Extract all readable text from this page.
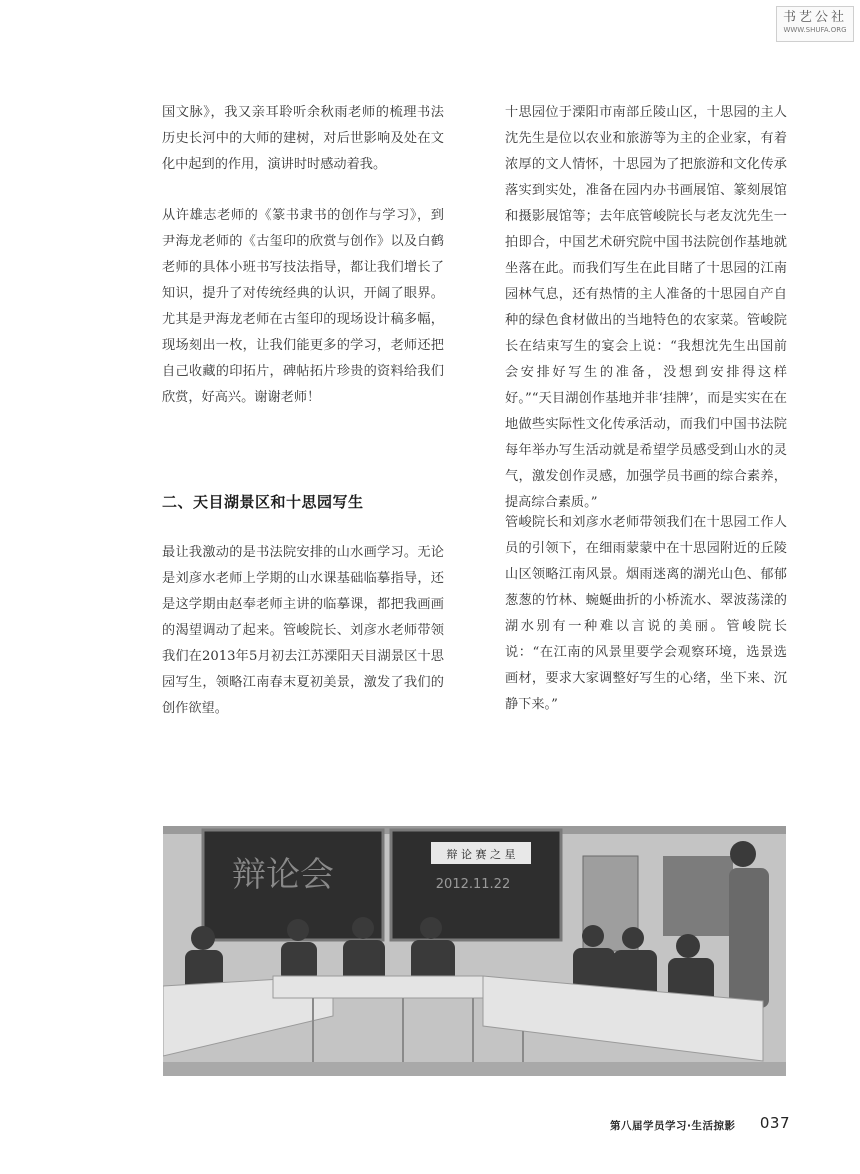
书艺公社
WWW.SHUFA.ORG

国文脉》，我又亲耳聆听余秋雨老师的梳理书法历史长河中的大师的建树，对后世影响及处在文化中起到的作用，演讲时时感动着我。

从许雄志老师的《篆书隶书的创作与学习》，到尹海龙老师的《古玺印的欣赏与创作》以及白鹤老师的具体小班书写技法指导，都让我们增长了知识，提升了对传统经典的认识，开阔了眼界。尤其是尹海龙老师在古玺印的现场设计稿多幅，现场刻出一枚，让我们能更多的学习，老师还把自己收藏的印拓片，碑帖拓片珍贵的资料给我们欣赏，好高兴。谢谢老师！

二、天目湖景区和十思园写生

最让我激动的是书法院安排的山水画学习。无论是刘彦水老师上学期的山水课基础临摹指导，还是这学期由赵奉老师主讲的临摹课，都把我画画的渴望调动了起来。管峻院长、刘彦水老师带领我们在2013年5月初去江苏溧阳天目湖景区十思园写生，领略江南春末夏初美景，激发了我们的创作欲望。

十思园位于溧阳市南部丘陵山区，十思园的主人沈先生是位以农业和旅游等为主的企业家，有着浓厚的文人情怀，十思园为了把旅游和文化传承落实到实处，准备在园内办书画展馆、篆刻展馆和摄影展馆等；去年底管峻院长与老友沈先生一拍即合，中国艺术研究院中国书法院创作基地就坐落在此。而我们写生在此目睹了十思园的江南园林气息，还有热情的主人准备的十思园自产自种的绿色食材做出的当地特色的农家菜。管峻院长在结束写生的宴会上说：“我想沈先生出国前会安排好写生的准备，没想到安排得这样好。”“天目湖创作基地并非‘挂牌’，而是实实在在地做些实际性文化传承活动，而我们中国书法院每年举办写生活动就是希望学员感受到山水的灵气，激发创作灵感，加强学员书画的综合素养，提高综合素质。”

管峻院长和刘彦水老师带领我们在十思园工作人员的引领下，在细雨蒙蒙中在十思园附近的丘陵山区领略江南风景。烟雨迷离的湖光山色、郁郁葱葱的竹林、蜿蜒曲折的小桥流水、翠波荡漾的湖水别有一种难以言说的美丽。管峻院长说：“在江南的风景里要学会观察环境，选景选画材，要求大家调整好写生的心绪，坐下来、沉静下来。”

辩论会
辩 论 赛 之 星
2012.11.22
第八届学员学习·生活掠影 037
